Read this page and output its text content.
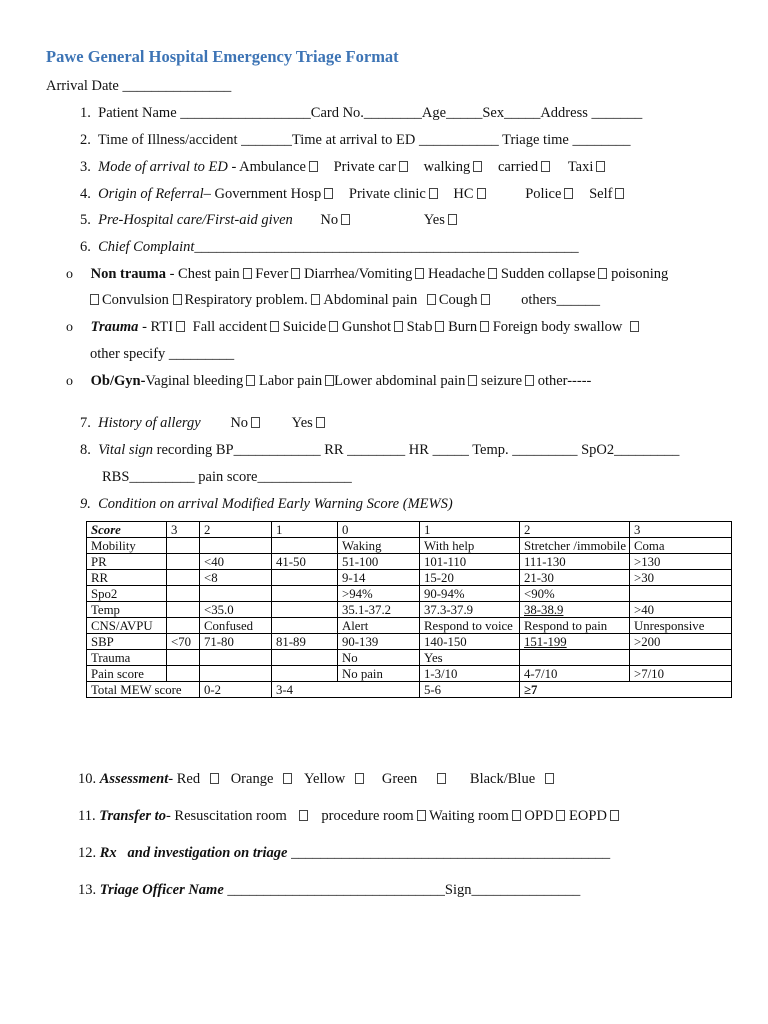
Pawe General Hospital Emergency Triage Format
Arrival Date _______________
1. Patient Name __________________Card No.________Age_____Sex_____Address _______
2. Time of Illness/accident _______Time at arrival to ED ___________ Triage time ________
3. Mode of arrival to ED - Ambulance Private car walking carried Taxi
4. Origin of Referral– Government Hosp Private clinic HC	Police Self
5. Pre-Hospital care/First-aid given No	Yes
6. Chief Complaint_____________________________________________________
o Non trauma - Chest pain Fever Diarrhea/Vomiting Headache Sudden collapse poisoning
Convulsion Respiratory problem. Abdominal pain Cough	others______
o Trauma - RTI Fall accident Suicide Gunshot Stab Burn Foreign body swallow
other specify _________
o Ob/Gyn-Vaginal bleeding Labor pain Lower abdominal pain seizure other-----
7. History of allergy No	Yes
8. Vital sign recording BP____________ RR ________ HR _____ Temp. _________ SpO2_________
RBS_________ pain score_____________
9. Condition on arrival Modified Early Warning Score (MEWS)
Score	3	2	1	0	1	2	3
Mobility				Waking	With help	Stretcher /immobile	Coma
PR		<40	41-50	51-100	101-110	111-130	>130
RR		<8		9-14	15-20	21-30	>30
Spo2				>94%	90-94%	<90%	
Temp		<35.0		35.1-37.2	37.3-37.9	38-38.9	>40
CNS/AVPU		Confused		Alert	Respond to voice	Respond to pain	Unresponsive
SBP	<70	71-80	81-89	90-139	140-150	151-199	>200
Trauma				No	Yes		
Pain score				No pain	1-3/10	4-7/10	>7/10
Total MEW score		0-2	3-4		5-6	≥7	
10. Assessment- Red Orange Yellow	Green	Black/Blue
11. Transfer to- Resuscitation room procedure room Waiting room OPD EOPD
12. Rx and investigation on triage ____________________________________________
13. Triage Officer Name ______________________________Sign_______________
